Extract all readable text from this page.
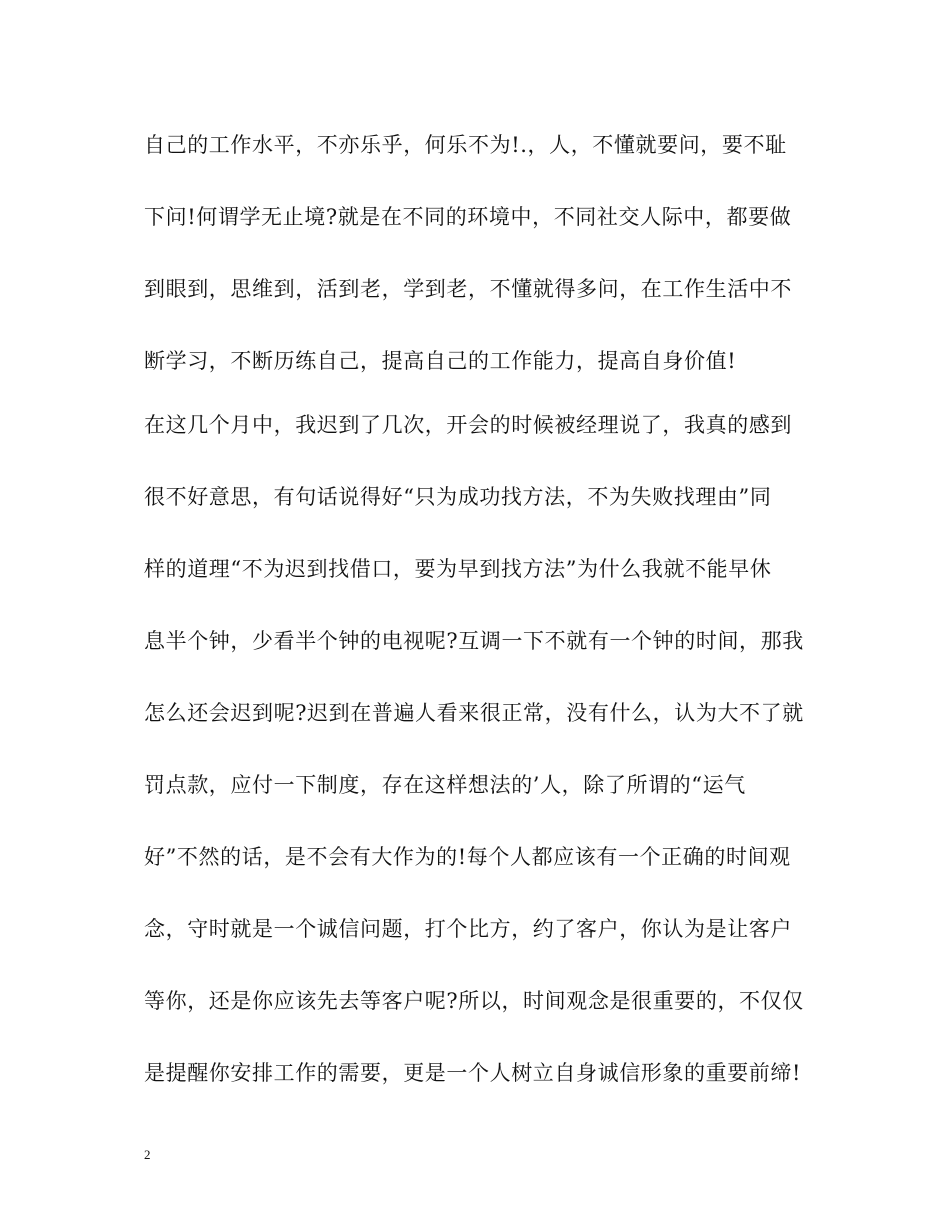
自己的工作水平，不亦乐乎，何乐不为!.，人，不懂就要问，要不耻
下问!何谓学无止境?就是在不同的环境中，不同社交人际中，都要做
到眼到，思维到，活到老，学到老，不懂就得多问，在工作生活中不
断学习，不断历练自己，提高自己的工作能力，提高自身价值!
在这几个月中，我迟到了几次，开会的时候被经理说了，我真的感到
很不好意思，有句话说得好“只为成功找方法，不为失败找理由”同
样的道理“不为迟到找借口，要为早到找方法”为什么我就不能早休
息半个钟，少看半个钟的电视呢?互调一下不就有一个钟的时间，那我
怎么还会迟到呢?迟到在普遍人看来很正常，没有什么，认为大不了就
罚点款，应付一下制度，存在这样想法的’人，除了所谓的“运气
好”不然的话，是不会有大作为的!每个人都应该有一个正确的时间观
念，守时就是一个诚信问题，打个比方，约了客户，你认为是让客户
等你，还是你应该先去等客户呢?所以，时间观念是很重要的，不仅仅
是提醒你安排工作的需要，更是一个人树立自身诚信形象的重要前缔!
2
